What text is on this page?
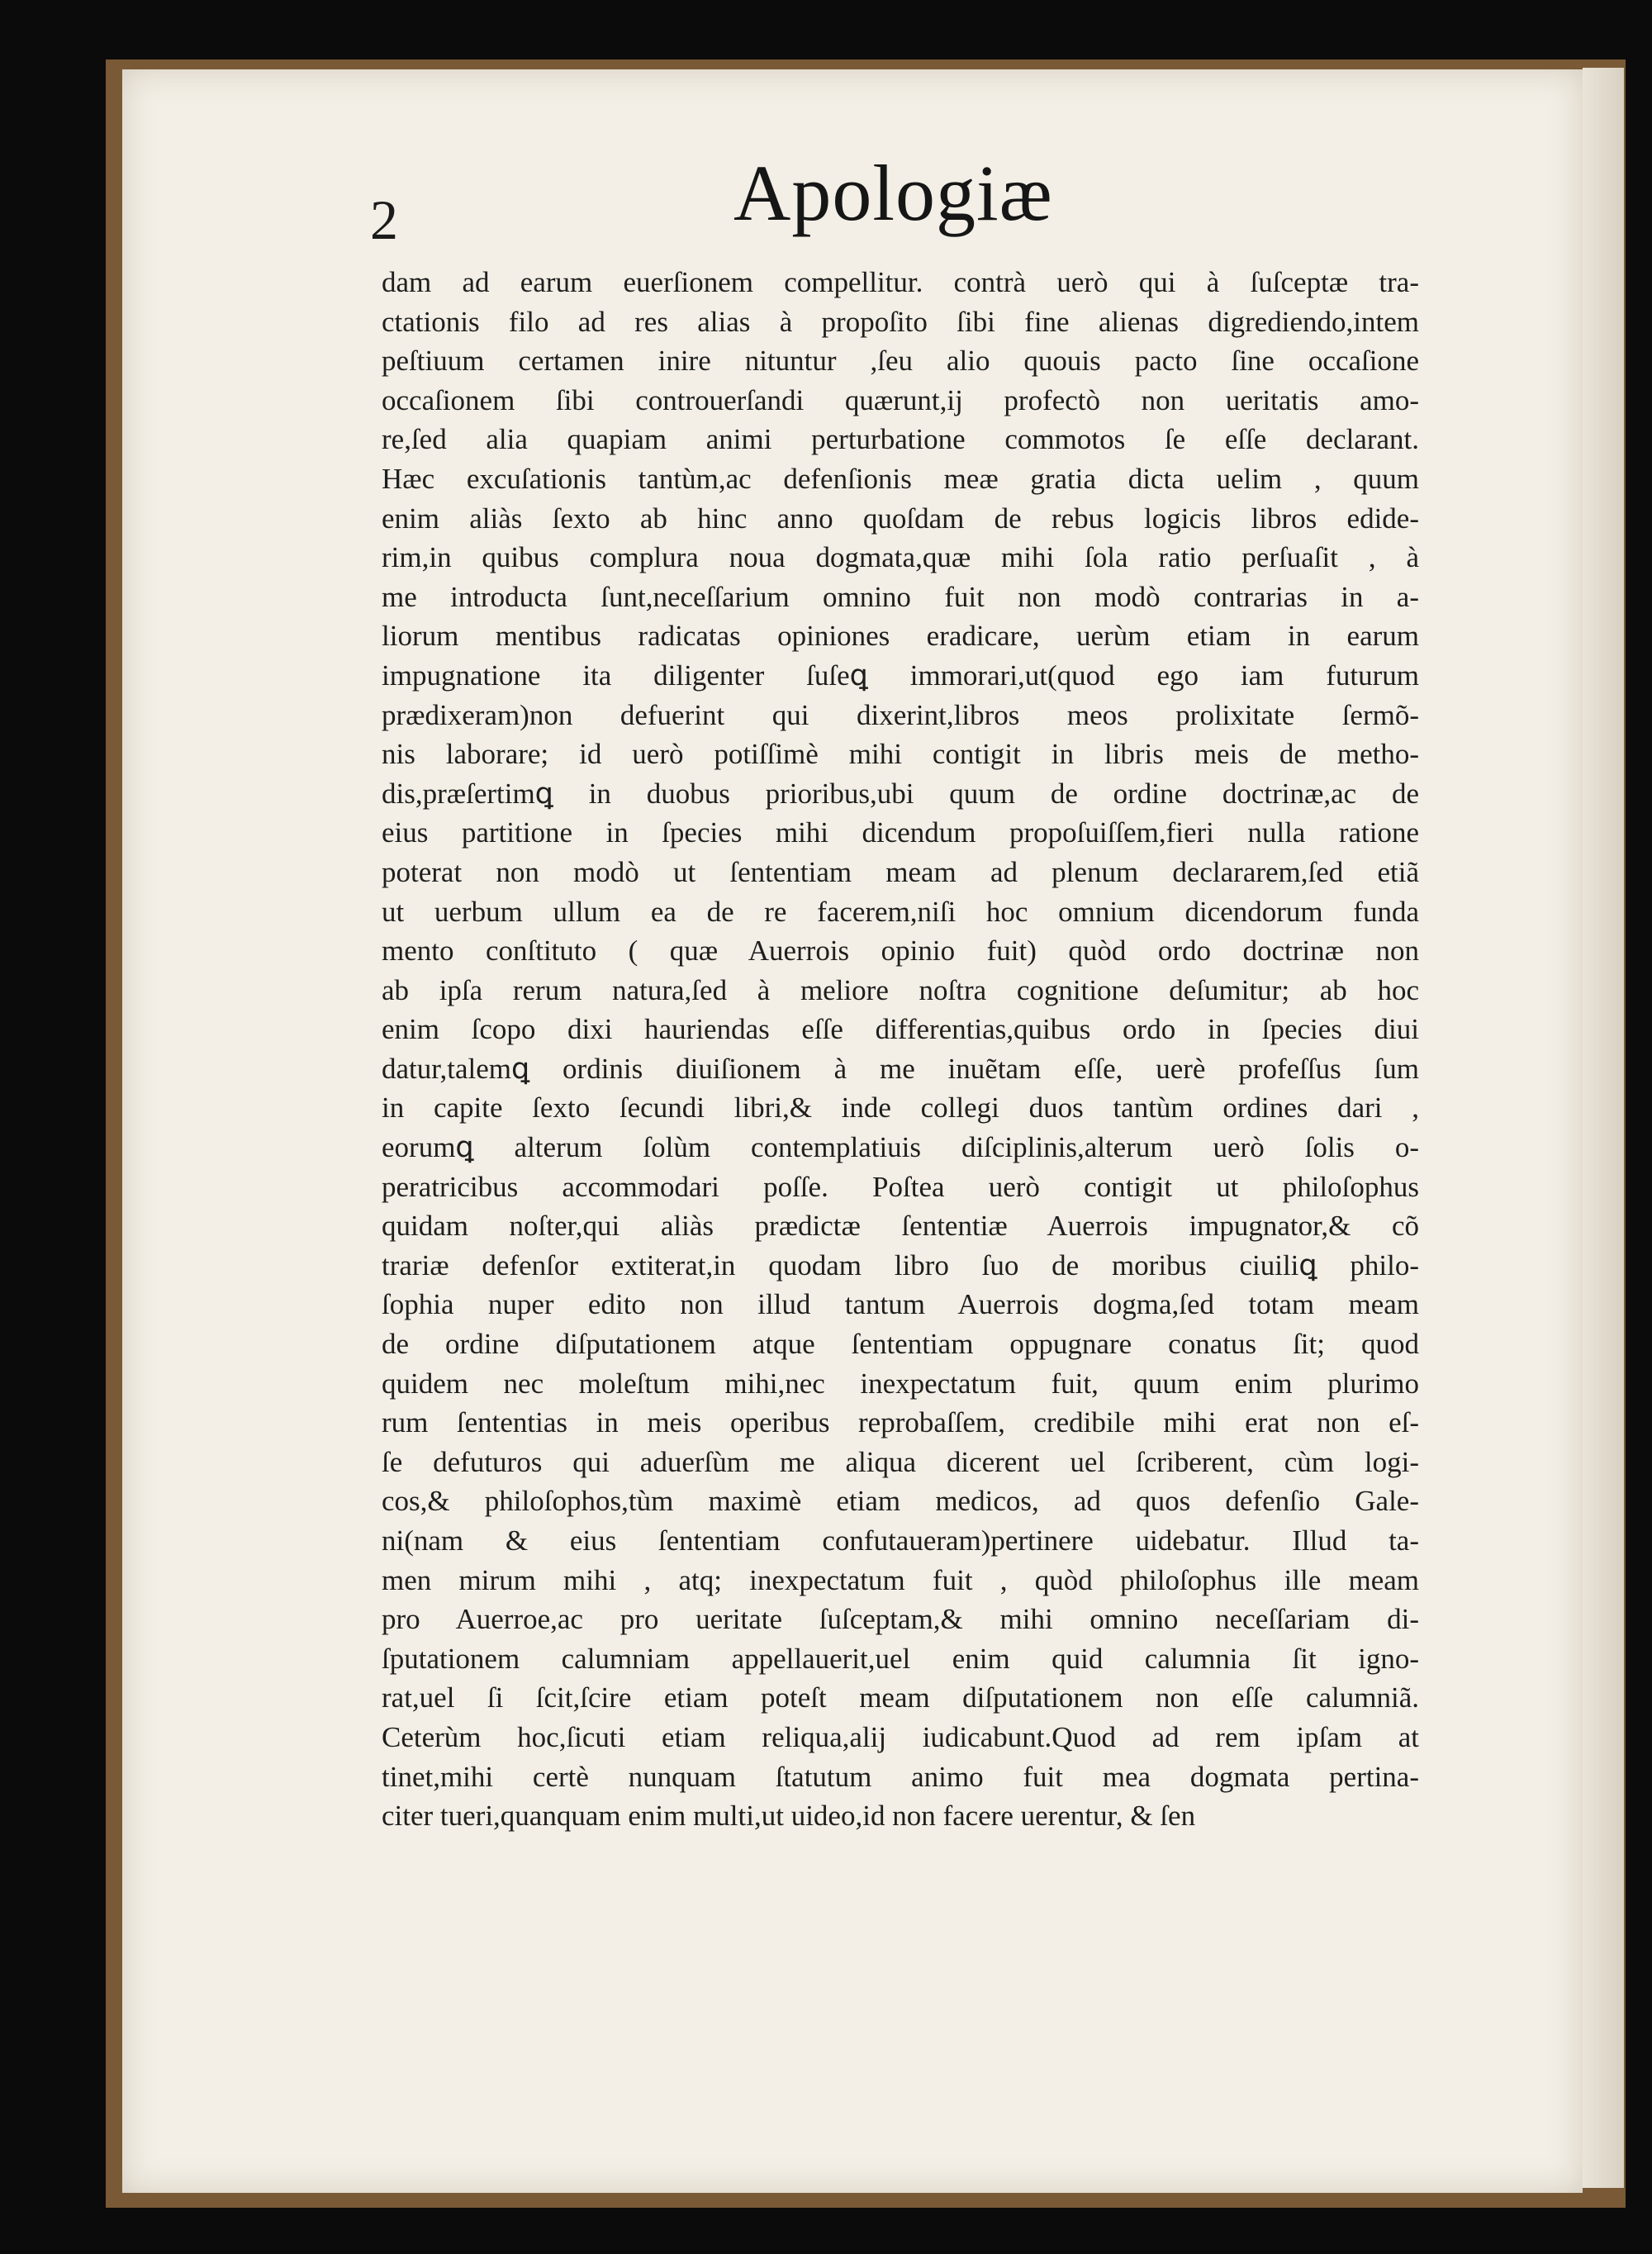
2	Apologiæ
dam ad earum euerſionem compellitur. contrà uerò qui à ſuſceptæ tra-
ctationis filo ad res alias à propoſito ſibi fine alienas digrediendo,intem
peſtiuum certamen inire nituntur ,ſeu alio quouis pacto ſine occaſione
occaſionem ſibi controuerſandi quærunt,ij profectò non ueritatis amo-
re,ſed alia quapiam animi perturbatione commotos ſe eſſe declarant.
Hæc excuſationis tantùm,ac defenſionis meæ gratia dicta uelim , quum
enim aliàs ſexto ab hinc anno quoſdam de rebus logicis libros edide-
rim,in quibus complura noua dogmata,quæ mihi ſola ratio perſuaſit , à
me introducta ſunt,neceſſarium omnino fuit non modò contrarias in a-
liorum mentibus radicatas opiniones eradicare, uerùm etiam in earum
impugnatione ita diligenter ſuſeꝗ immorari,ut(quod ego iam futurum
prædixeram)non defuerint qui dixerint,libros meos prolixitate ſermõ-
nis laborare; id uerò potiſſimè mihi contigit in libris meis de metho-
dis,præſertimꝗ in duobus prioribus,ubi quum de ordine doctrinæ,ac de
eius partitione in ſpecies mihi dicendum propoſuiſſem,fieri nulla ratione
poterat non modò ut ſententiam meam ad plenum declararem,ſed etiã
ut uerbum ullum ea de re facerem,niſi hoc omnium dicendorum funda
mento conſtituto ( quæ Auerrois opinio fuit) quòd ordo doctrinæ non
ab ipſa rerum natura,ſed à meliore noſtra cognitione deſumitur; ab hoc
enim ſcopo dixi hauriendas eſſe differentias,quibus ordo in ſpecies diui
datur,talemꝗ ordinis diuiſionem à me inuẽtam eſſe, uerè profeſſus ſum
in capite ſexto ſecundi libri,& inde collegi duos tantùm ordines dari ,
eorumꝗ alterum ſolùm contemplatiuis diſciplinis,alterum uerò ſolis o-
peratricibus accommodari poſſe. Poſtea uerò contigit ut philoſophus
quidam noſter,qui aliàs prædictæ ſententiæ Auerrois impugnator,& cõ
trariæ defenſor extiterat,in quodam libro ſuo de moribus ciuiliꝗ philo-
ſophia nuper edito non illud tantum Auerrois dogma,ſed totam meam
de ordine diſputationem atque ſententiam oppugnare conatus ſit; quod
quidem nec moleſtum mihi,nec inexpectatum fuit, quum enim plurimo
rum ſententias in meis operibus reprobaſſem, credibile mihi erat non eſ-
ſe defuturos qui aduerſùm me aliqua dicerent uel ſcriberent, cùm logi-
cos,& philoſophos,tùm maximè etiam medicos, ad quos defenſio Gale-
ni(nam & eius ſententiam confutaueram)pertinere uidebatur. Illud ta-
men mirum mihi , atq; inexpectatum fuit , quòd philoſophus ille meam
pro Auerroe,ac pro ueritate ſuſceptam,& mihi omnino neceſſariam di-
ſputationem calumniam appellauerit,uel enim quid calumnia ſit igno-
rat,uel ſi ſcit,ſcire etiam poteſt meam diſputationem non eſſe calumniã.
Ceterùm hoc,ſicuti etiam reliqua,alij iudicabunt.Quod ad rem ipſam at
tinet,mihi certè nunquam ſtatutum animo fuit mea dogmata pertina-
citer tueri,quanquam enim multi,ut uideo,id non facere uerentur, & ſen
